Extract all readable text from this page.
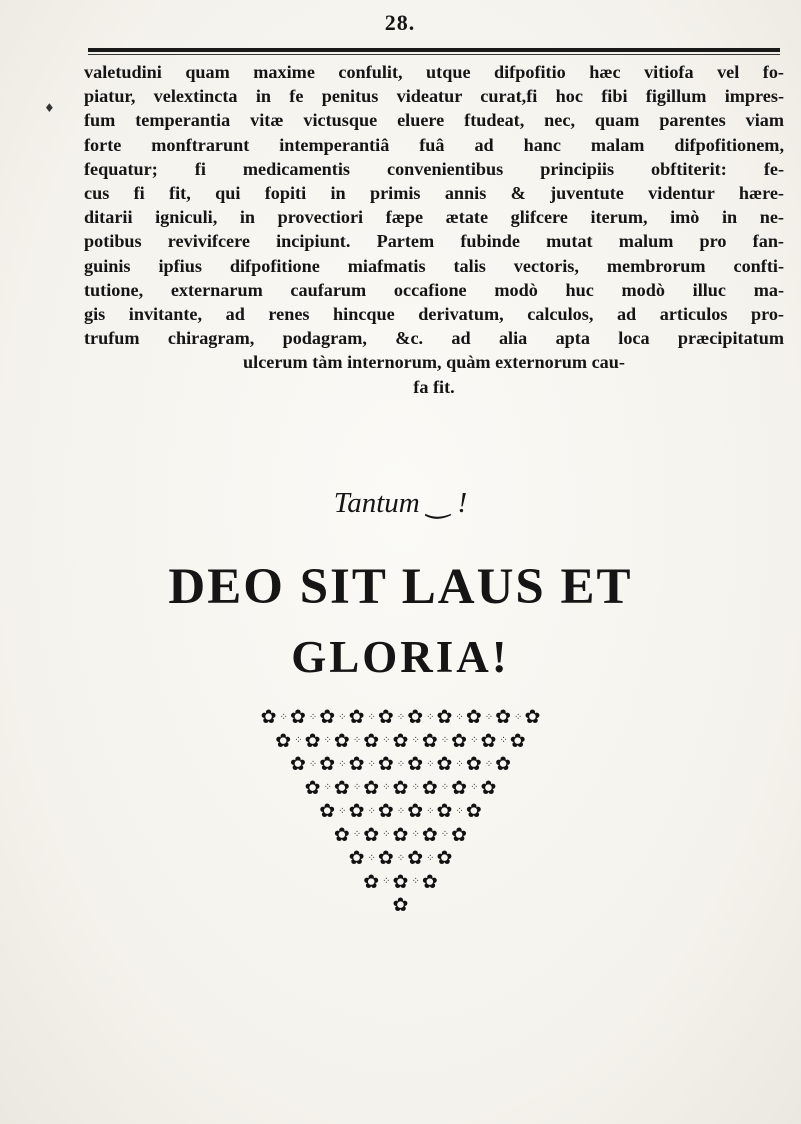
28.
♦
valetudini quam maxime confulit, utque difpofitio hæc vitiofa vel fo-
piatur, velextincta in fe penitus videatur curat,fi hoc fibi figillum impres-
fum temperantia vitæ victusque eluere ftudeat, nec, quam parentes viam
forte monftrarunt intemperantiâ fuâ ad hanc malam difpofitionem,
fequatur; fi medicamentis convenientibus principiis obftiterit: fe-
cus fi fit, qui fopiti in primis annis & juventute videntur hære-
ditarii igniculi, in provectiori fæpe ætate glifcere iterum, imò in ne-
potibus revivifcere incipiunt. Partem fubinde mutat malum pro fan-
guinis ipfius difpofitione miafmatis talis vectoris, membrorum confti-
tutione, externarum caufarum occafione modò huc modò illuc ma-
gis invitante, ad renes hincque derivatum, calculos, ad articulos pro-
trufum chiragram, podagram, &c. ad alia apta loca præcipitatum
ulcerum tàm internorum, quàm externorum cau-
fa fit.
Tantum ‿ !
DEO SIT LAUS ET
GLORIA!
✿ ⁘ ✿ ⁘ ✿ ⁘ ✿ ⁘ ✿ ⁘ ✿ ⁘ ✿ ⁘ ✿ ⁘ ✿ ⁘ ✿
✿ ⁘ ✿ ⁘ ✿ ⁘ ✿ ⁘ ✿ ⁘ ✿ ⁘ ✿ ⁘ ✿ ⁘ ✿
✿ ⁘ ✿ ⁘ ✿ ⁘ ✿ ⁘ ✿ ⁘ ✿ ⁘ ✿ ⁘ ✿
✿ ⁘ ✿ ⁘ ✿ ⁘ ✿ ⁘ ✿ ⁘ ✿ ⁘ ✿
✿ ⁘ ✿ ⁘ ✿ ⁘ ✿ ⁘ ✿ ⁘ ✿
✿ ⁘ ✿ ⁘ ✿ ⁘ ✿ ⁘ ✿
✿ ⁘ ✿ ⁘ ✿ ⁘ ✿
✿ ⁘ ✿ ⁘ ✿
✿
